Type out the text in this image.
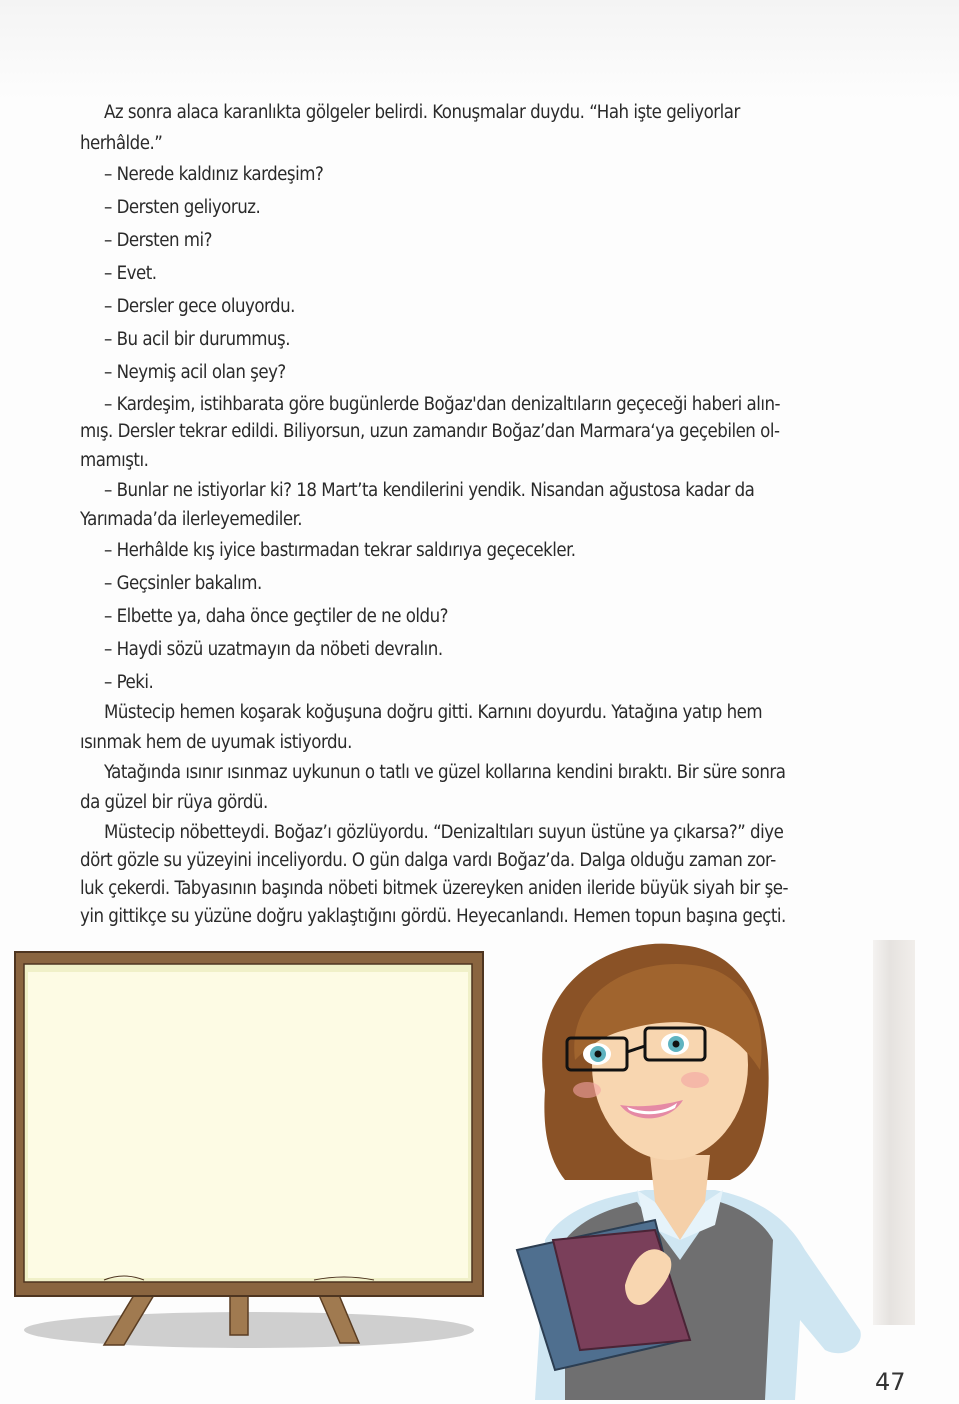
Az sonra alaca karanlıkta gölgeler belirdi. Konuşmalar duydu. “Hah işte geliyorlar
herhâlde.”
– Nerede kaldınız kardeşim?
– Dersten geliyoruz.
– Dersten mi?
– Evet.
– Dersler gece oluyordu.
– Bu acil bir durummuş.
– Neymiş acil olan şey?
– Kardeşim, istihbarata göre bugünlerde Boğaz'dan denizaltıların geçeceği haberi alın-
mış. Dersler tekrar edildi. Biliyorsun, uzun zamandır Boğaz’dan Marmara‘ya geçebilen ol-
mamıştı.
– Bunlar ne istiyorlar ki? 18 Mart’ta kendilerini yendik. Nisandan ağustosa kadar da
Yarımada’da ilerleyemediler.
– Herhâlde kış iyice bastırmadan tekrar saldırıya geçecekler.
– Geçsinler bakalım.
– Elbette ya, daha önce geçtiler de ne oldu?
– Haydi sözü uzatmayın da nöbeti devralın.
– Peki.
Müstecip hemen koşarak koğuşuna doğru gitti. Karnını doyurdu. Yatağına yatıp hem
ısınmak hem de uyumak istiyordu.
Yatağında ısınır ısınmaz uykunun o tatlı ve güzel kollarına kendini bıraktı. Bir süre sonra
da güzel bir rüya gördü.
Müstecip nöbetteydi. Boğaz’ı gözlüyordu. “Denizaltıları suyun üstüne ya çıkarsa?” diye
dört gözle su yüzeyini inceliyordu. O gün dalga vardı Boğaz’da. Dalga olduğu zaman zor-
luk çekerdi. Tabyasının başında nöbeti bitmek üzereyken aniden ileride büyük siyah bir şe-
yin gittikçe su yüzüne doğru yaklaştığını gördü. Heyecanlandı. Hemen topun başına geçti.
47
